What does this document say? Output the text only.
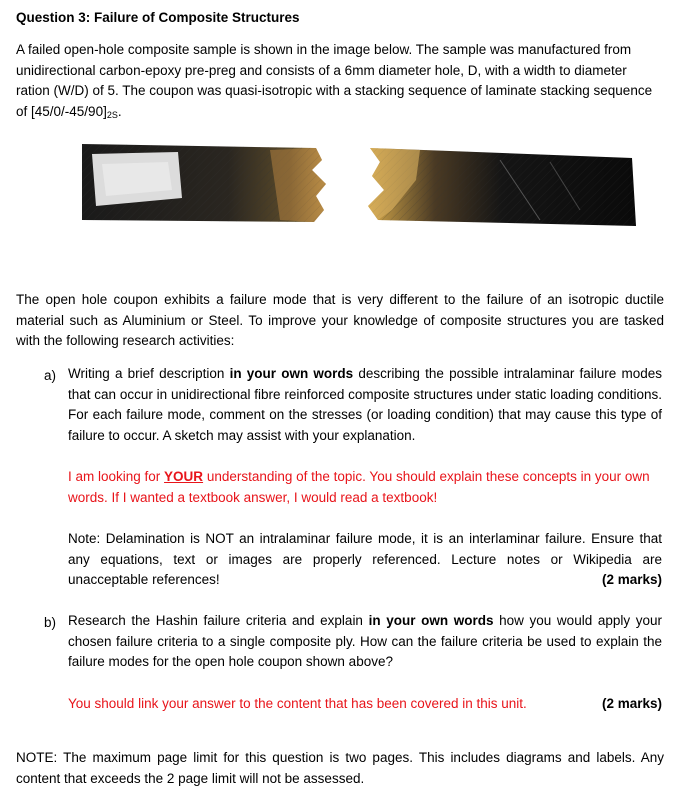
Question 3: Failure of Composite Structures
A failed open-hole composite sample is shown in the image below. The sample was manufactured from unidirectional carbon-epoxy pre-preg and consists of a 6mm diameter hole, D, with a width to diameter ration (W/D) of 5. The coupon was quasi-isotropic with a stacking sequence of laminate stacking sequence of $[45/0/-45/90]_{2S}$.
The open hole coupon exhibits a failure mode that is very different to the failure of an isotropic ductile material such as Aluminium or Steel. To improve your knowledge of composite structures you are tasked with the following research activities:
a) Writing a brief description in your own words describing the possible intralaminar failure modes that can occur in unidirectional fibre reinforced composite structures under static loading conditions. For each failure mode, comment on the stresses (or loading condition) that may cause this type of failure to occur. A sketch may assist with your explanation.
I am looking for YOUR understanding of the topic. You should explain these concepts in your own words. If I wanted a textbook answer, I would read a textbook!
Note: Delamination is NOT an intralaminar failure mode, it is an interlaminar failure. Ensure that any equations, text or images are properly referenced. Lecture notes or Wikipedia are unacceptable references!	(2 marks)
b) Research the Hashin failure criteria and explain in your own words how you would apply your chosen failure criteria to a single composite ply. How can the failure criteria be used to explain the failure modes for the open hole coupon shown above?
You should link your answer to the content that has been covered in this unit.	(2 marks)
NOTE: The maximum page limit for this question is two pages. This includes diagrams and labels. Any content that exceeds the 2 page limit will not be assessed.
